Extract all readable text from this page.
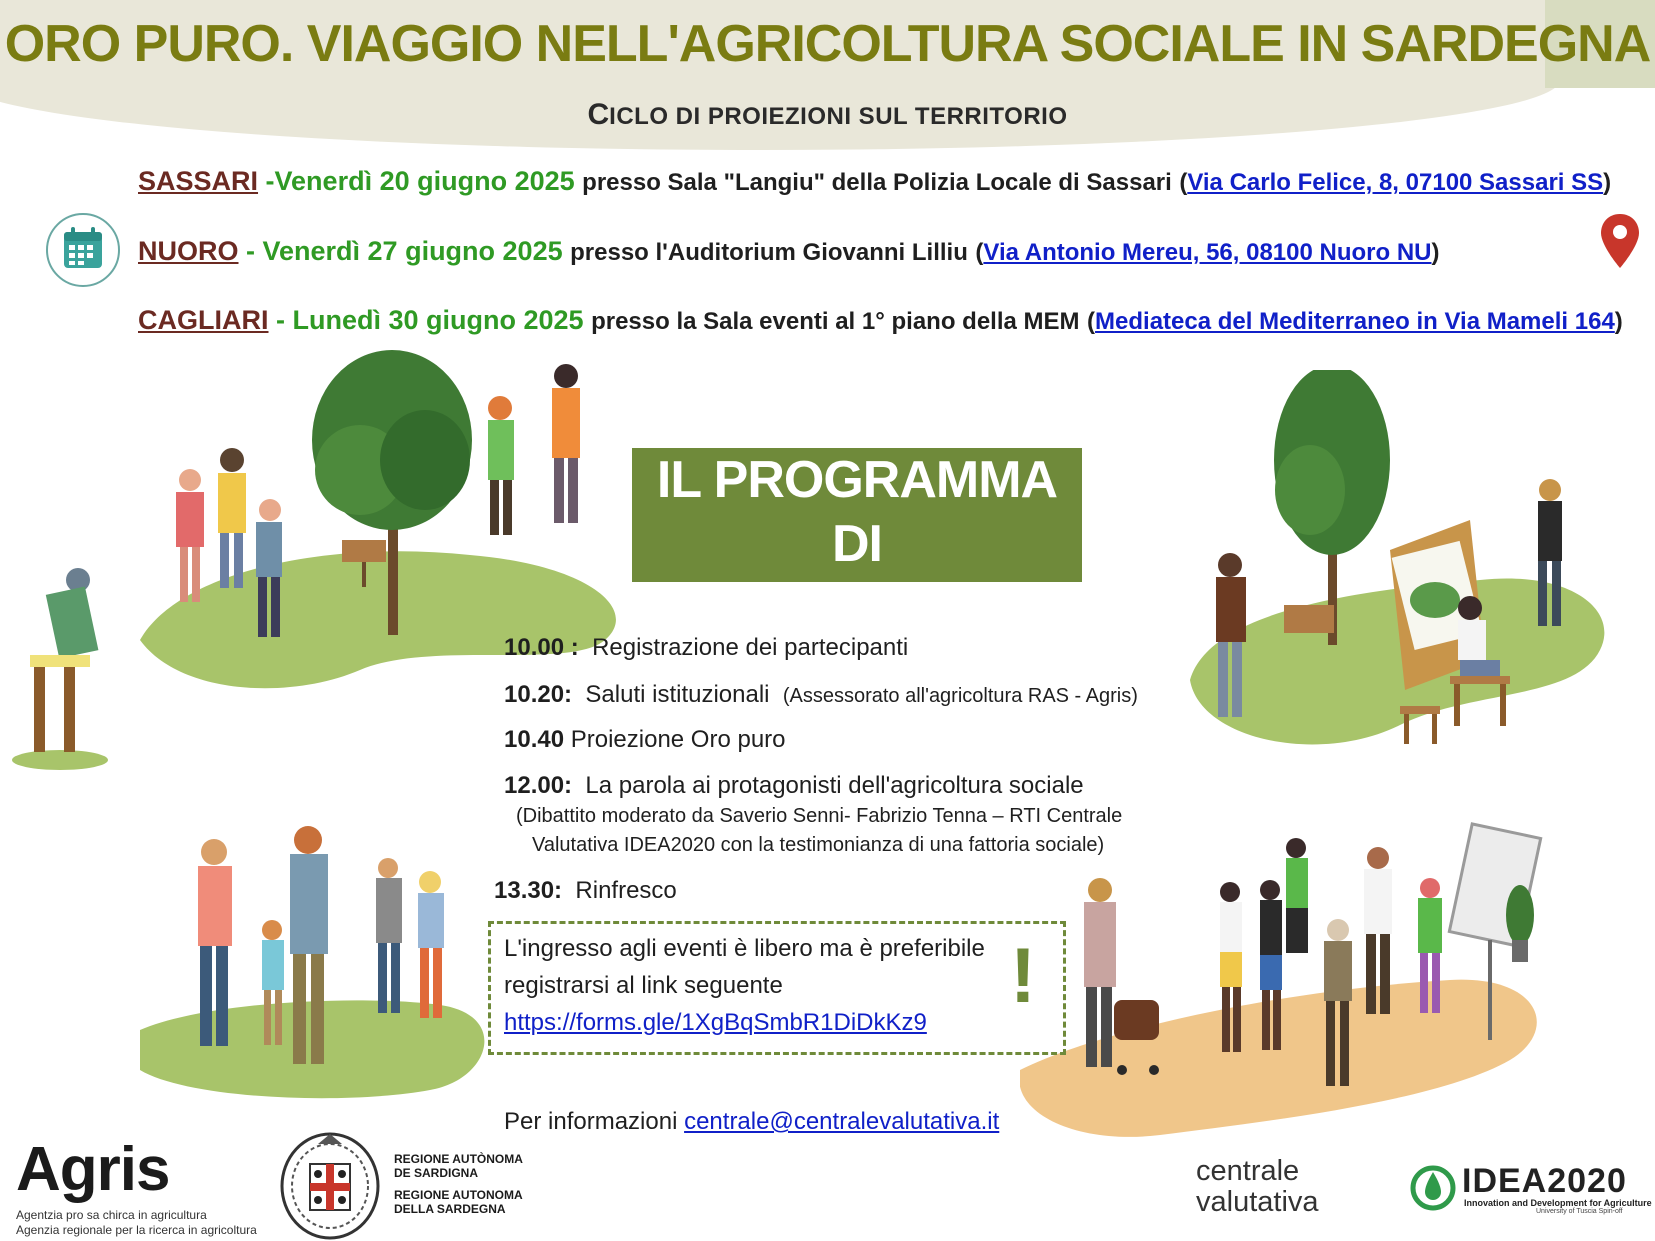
ORO PURO. VIAGGIO NELL'AGRICOLTURA SOCIALE IN SARDEGNA
CICLO DI PROIEZIONI SUL TERRITORIO
SASSARI -Venerdì 20 giugno 2025 presso Sala "Langiu" della Polizia Locale di Sassari (Via Carlo Felice, 8, 07100 Sassari SS)
NUORO - Venerdì 27 giugno 2025 presso l'Auditorium Giovanni Lilliu (Via Antonio Mereu, 56, 08100 Nuoro NU)
CAGLIARI - Lunedì 30 giugno 2025 presso la Sala eventi al 1° piano della MEM (Mediateca del Mediterraneo in Via Mameli 164)
IL PROGRAMMA DI
OGNI EVENTO
10.00 : Registrazione dei partecipanti
10.20: Saluti istituzionali (Assessorato all'agricoltura RAS - Agris)
10.40 Proiezione Oro puro
12.00: La parola ai protagonisti dell'agricoltura sociale
(Dibattito moderato da Saverio Senni- Fabrizio Tenna – RTI Centrale
Valutativa IDEA2020 con la testimonianza di una fattoria sociale)
13.30: Rinfresco
L'ingresso agli eventi è libero ma è preferibile
registrarsi al link seguente
https://forms.gle/1XgBqSmbR1DiDkKz9
!
Per informazioni centrale@centralevalutativa.it
Agris
Agentzia pro sa chirca in agricultura
Agenzia regionale per la ricerca in agricoltura
REGIONE AUTÒNOMA
DE SARDIGNA
REGIONE AUTONOMA
DELLA SARDEGNA
centrale
valutativa
IDEA2020
Innovation and Development for Agriculture
University of Tuscia Spin-off
